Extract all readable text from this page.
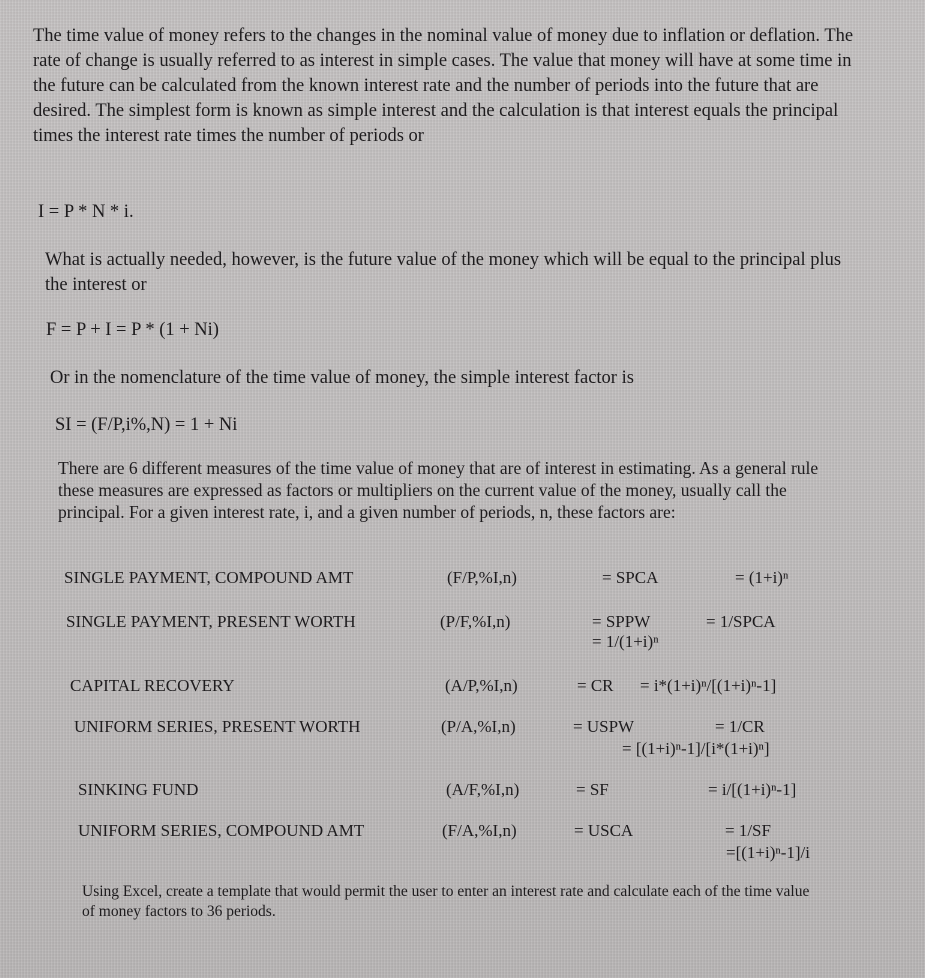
The time value of money refers to the changes in the nominal value of money due to inflation or deflation. The rate of change is usually referred to as interest in simple cases. The value that money will have at some time in the future can be calculated from the known interest rate and the number of periods into the future that are desired. The simplest form is known as simple interest and the calculation is that interest equals the principal times the interest rate times the number of periods or

I = P * N * i.

What is actually needed, however, is the future value of the money which will be equal to the principal plus the interest or

F = P + I = P * (1 + Ni)

Or in the nomenclature of the time value of money, the simple interest factor is

SI = (F/P,i%,N) = 1 + Ni

There are 6 different measures of the time value of money that are of interest in estimating. As a general rule these measures are expressed as factors or multipliers on the current value of the money, usually call the principal. For a given interest rate, i, and a given number of periods, n, these factors are:

SINGLE PAYMENT, COMPOUND AMT	(F/P,%I,n)	= SPCA	= (1+i)ⁿ
SINGLE PAYMENT, PRESENT WORTH	(P/F,%I,n)	= SPPW	= 1/SPCA
= 1/(1+i)ⁿ
CAPITAL RECOVERY	(A/P,%I,n)	= CR = i*(1+i)ⁿ/[(1+i)ⁿ-1]
UNIFORM SERIES, PRESENT WORTH	(P/A,%I,n)	= USPW	= 1/CR
= [(1+i)ⁿ-1]/[i*(1+i)ⁿ]
SINKING FUND	(A/F,%I,n)	= SF	= i/[(1+i)ⁿ-1]
UNIFORM SERIES, COMPOUND AMT	(F/A,%I,n)	= USCA	= 1/SF
=[(1+i)ⁿ-1]/i

Using Excel, create a template that would permit the user to enter an interest rate and calculate each of the time value of money factors to 36 periods.
